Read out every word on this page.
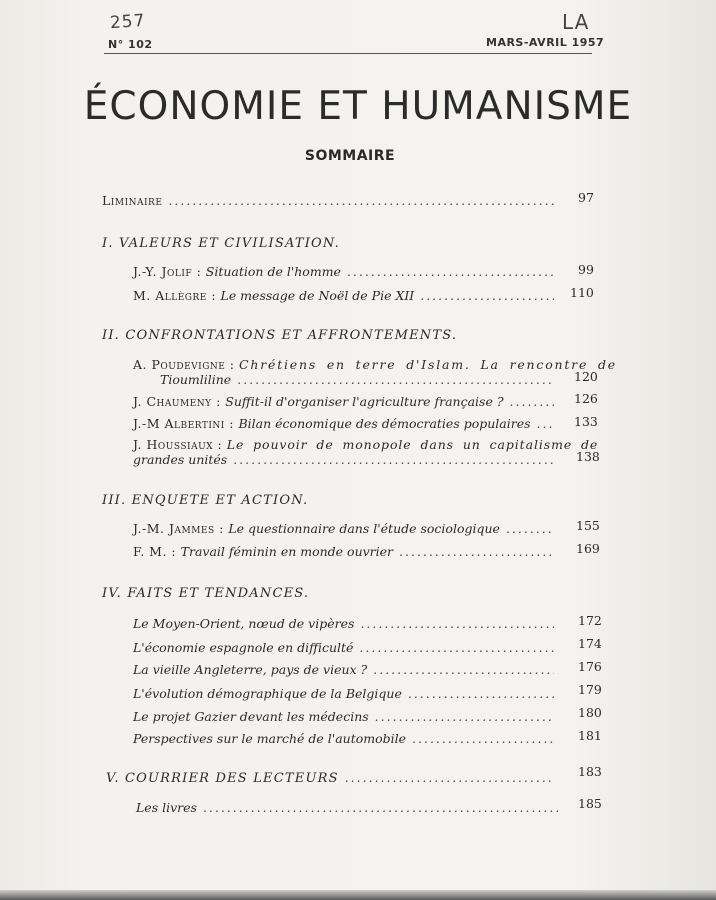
257	LA
N° 102	MARS-AVRIL 1957
ÉCONOMIE ET HUMANISME
SOMMAIRE
Liminaire .....	97
I. VALEURS ET CIVILISATION.
J.-Y. Jolif : Situation de l'homme .....	99
M. Allègre : Le message de Noël de Pie XII .....	110
II. CONFRONTATIONS ET AFFRONTEMENTS.
A. Poudevigne : Chrétiens en terre d'Islam. La rencontre de
Tioumliline .....	120
J. Chaumeny : Suffit-il d'organiser l'agriculture française ? .....	126
J.-M Albertini : Bilan économique des démocraties populaires .....	133
J. Houssiaux : Le pouvoir de monopole dans un capitalisme de
grandes unités .....	138
III. ENQUETE ET ACTION.
J.-M. Jammes : Le questionnaire dans l'étude sociologique .....	155
F. M. : Travail féminin en monde ouvrier .....	169
IV. FAITS ET TENDANCES.
Le Moyen-Orient, nœud de vipères .....	172
L'économie espagnole en difficulté .....	174
La vieille Angleterre, pays de vieux ? .....	176
L'évolution démographique de la Belgique .....	179
Le projet Gazier devant les médecins .....	180
Perspectives sur le marché de l'automobile .....	181
V. COURRIER DES LECTEURS .....	183
Les livres .....	185
